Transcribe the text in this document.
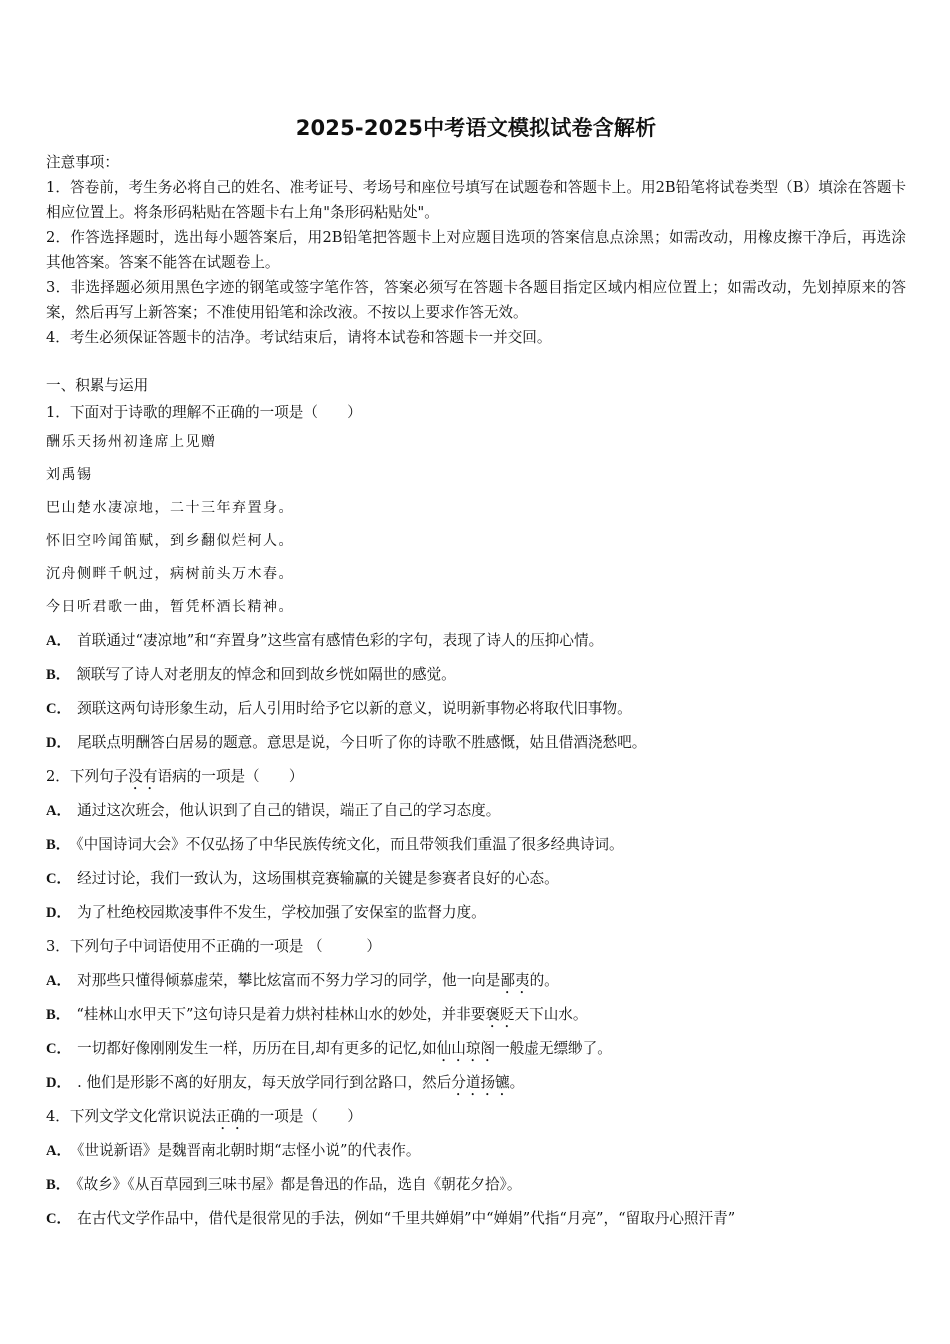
2025-2025中考语文模拟试卷含解析

注意事项：

1．答卷前，考生务必将自己的姓名、准考证号、考场号和座位号填写在试题卷和答题卡上。用2B铅笔将试卷类型（B）填涂在答题卡相应位置上。将条形码粘贴在答题卡右上角"条形码粘贴处"。

2．作答选择题时，选出每小题答案后，用2B铅笔把答题卡上对应题目选项的答案信息点涂黑；如需改动，用橡皮擦干净后，再选涂其他答案。答案不能答在试题卷上。

3．非选择题必须用黑色字迹的钢笔或签字笔作答，答案必须写在答题卡各题目指定区域内相应位置上；如需改动，先划掉原来的答案，然后再写上新答案；不准使用铅笔和涂改液。不按以上要求作答无效。

4．考生必须保证答题卡的洁净。考试结束后，请将本试卷和答题卡一并交回。

一、积累与运用

1．下面对于诗歌的理解不正确的一项是（　　）

酬乐天扬州初逢席上见赠

刘禹锡

巴山楚水凄凉地，二十三年弃置身。

怀旧空吟闻笛赋，到乡翻似烂柯人。

沉舟侧畔千帆过，病树前头万木春。

今日听君歌一曲，暂凭杯酒长精神。

A． 首联通过“凄凉地”和“弃置身”这些富有感情色彩的字句，表现了诗人的压抑心情。

B． 颔联写了诗人对老朋友的悼念和回到故乡恍如隔世的感觉。

C． 颈联这两句诗形象生动，后人引用时给予它以新的意义，说明新事物必将取代旧事物。

D． 尾联点明酬答白居易的题意。意思是说，今日听了你的诗歌不胜感慨，姑且借酒浇愁吧。

2．下列句子没有语病的一项是（　　）

A． 通过这次班会，他认识到了自己的错误，端正了自己的学习态度。

B． 《中国诗词大会》不仅弘扬了中华民族传统文化，而且带领我们重温了很多经典诗词。

C． 经过讨论，我们一致认为，这场围棋竞赛输赢的关键是参赛者良好的心态。

D． 为了杜绝校园欺凌事件不发生，学校加强了安保室的监督力度。

3．下列句子中词语使用不正确的一项是 （　　　）

A． 对那些只懂得倾慕虚荣，攀比炫富而不努力学习的同学，他一向是鄙夷的。

B． “桂林山水甲天下”这句诗只是着力烘衬桂林山水的妙处，并非要褒贬天下山水。

C． 一切都好像刚刚发生一样，历历在目,却有更多的记忆,如仙山琼阁一般虚无缥缈了。

D． . 他们是形影不离的好朋友，每天放学同行到岔路口，然后分道扬镳。

4．下列文学文化常识说法正确的一项是（　　）

A． 《世说新语》是魏晋南北朝时期“志怪小说”的代表作。

B． 《故乡》《从百草园到三味书屋》都是鲁迅的作品，选自《朝花夕拾》。

C． 在古代文学作品中，借代是很常见的手法，例如“千里共婵娟”中“婵娟”代指“月亮”，“留取丹心照汗青”
